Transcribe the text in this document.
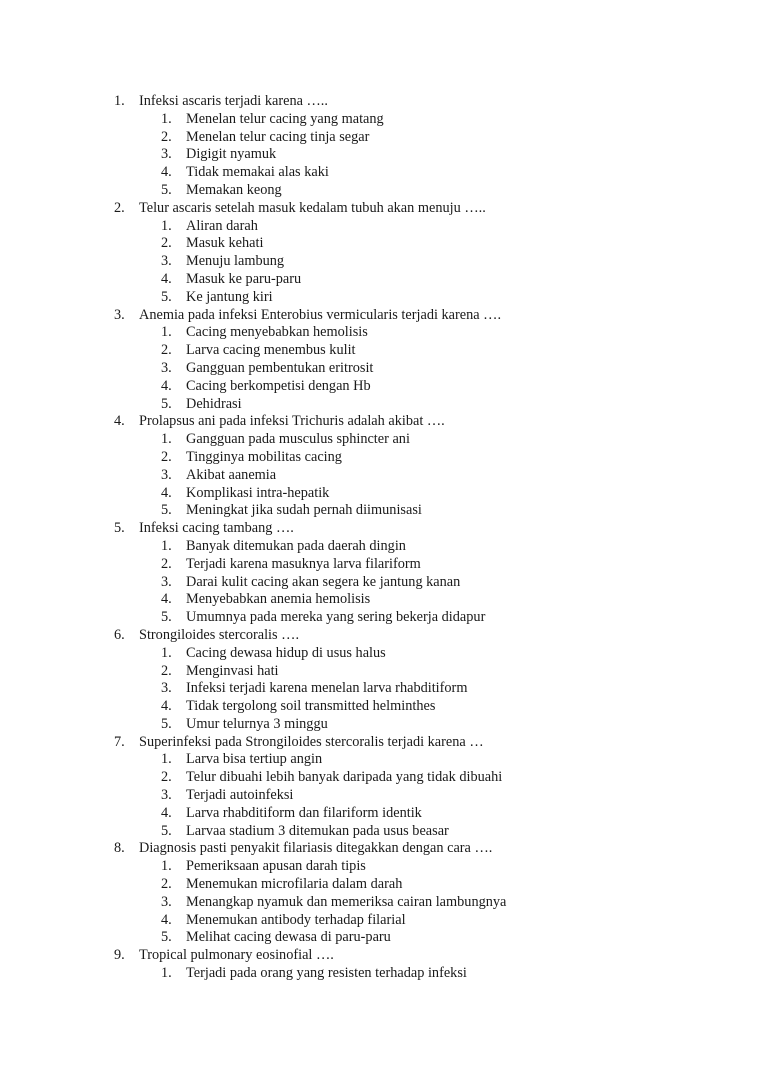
1. Infeksi ascaris terjadi karena …..
1. Menelan telur cacing yang matang
2. Menelan telur cacing tinja segar
3. Digigit nyamuk
4. Tidak memakai alas kaki
5. Memakan keong
2. Telur ascaris setelah masuk kedalam tubuh akan menuju …..
1. Aliran darah
2. Masuk kehati
3. Menuju lambung
4. Masuk ke paru-paru
5. Ke jantung kiri
3. Anemia pada infeksi Enterobius vermicularis terjadi karena ….
1. Cacing menyebabkan hemolisis
2. Larva cacing menembus kulit
3. Gangguan pembentukan eritrosit
4. Cacing berkompetisi dengan Hb
5. Dehidrasi
4. Prolapsus ani pada infeksi Trichuris adalah akibat ….
1. Gangguan pada musculus sphincter ani
2. Tingginya mobilitas cacing
3. Akibat aanemia
4. Komplikasi intra-hepatik
5. Meningkat jika sudah pernah diimunisasi
5. Infeksi cacing tambang ….
1. Banyak ditemukan pada daerah dingin
2. Terjadi karena masuknya larva filariform
3. Darai kulit cacing akan segera ke jantung kanan
4. Menyebabkan anemia hemolisis
5. Umumnya pada mereka yang sering bekerja didapur
6. Strongiloides stercoralis ….
1. Cacing dewasa hidup di usus halus
2. Menginvasi hati
3. Infeksi terjadi karena menelan larva rhabditiform
4. Tidak tergolong soil transmitted helminthes
5. Umur telurnya 3 minggu
7. Superinfeksi pada Strongiloides stercoralis terjadi karena …
1. Larva bisa tertiup angin
2. Telur dibuahi lebih banyak daripada yang tidak dibuahi
3. Terjadi autoinfeksi
4. Larva rhabditiform dan filariform identik
5. Larvaa stadium 3 ditemukan pada usus beasar
8. Diagnosis pasti penyakit filariasis ditegakkan dengan cara ….
1. Pemeriksaan apusan darah tipis
2. Menemukan microfilaria dalam darah
3. Menangkap nyamuk dan memeriksa cairan lambungnya
4. Menemukan antibody terhadap filarial
5. Melihat cacing dewasa di paru-paru
9. Tropical pulmonary eosinofial ….
1. Terjadi pada orang yang resisten terhadap infeksi
